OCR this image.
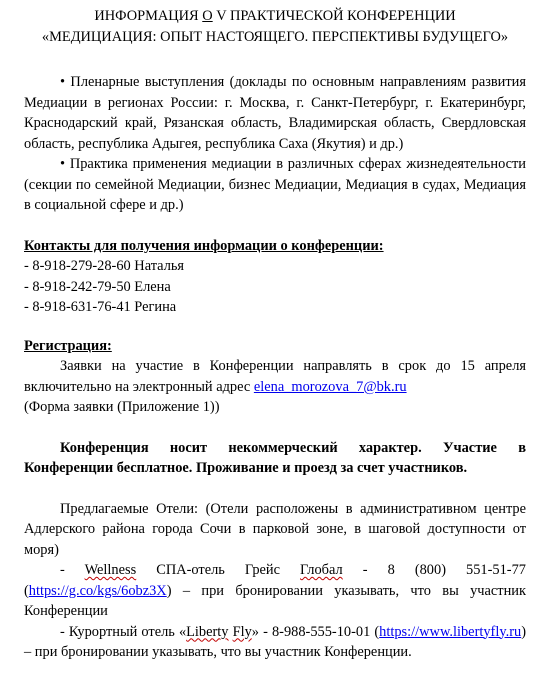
ИНФОРМАЦИЯ О V ПРАКТИЧЕСКОЙ КОНФЕРЕНЦИИ

«МЕДИЦИАЦИЯ: ОПЫТ НАСТОЯЩЕГО. ПЕРСПЕКТИВЫ БУДУЩЕГО»

• Пленарные выступления (доклады по основным направлениям развития Медиации в регионах России: г. Москва, г. Санкт-Петербург, г. Екатеринбург, Краснодарский край, Рязанская область, Владимирская область, Свердловская область, республика Адыгея, республика Саха (Якутия) и др.)

• Практика применения медиации в различных сферах жизнедеятельности (секции по семейной Медиации, бизнес Медиации, Медиация в судах, Медиация в социальной сфере и др.)

Контакты для получения информации о конференции:

- 8-918-279-28-60 Наталья

- 8-918-242-79-50 Елена

- 8-918-631-76-41 Регина

Регистрация:

Заявки на участие в Конференции направлять в срок до 15 апреля включительно на электронный адрес elena_morozova_7@bk.ru

(Форма заявки (Приложение 1))

Конференция носит некоммерческий характер. Участие в Конференции бесплатное. Проживание и проезд за счет участников.

Предлагаемые Отели: (Отели расположены в административном центре Адлерского района города Сочи в парковой зоне, в шаговой доступности от моря)

- Wellness СПА-отель Грейс Глобал - 8 (800) 551-51-77 (https://g.co/kgs/6obz3X) – при бронировании указывать, что вы участник Конференции

- Курортный отель «Liberty Fly» - 8-988-555-10-01 (https://www.libertyfly.ru) – при бронировании указывать, что вы участник Конференции.
